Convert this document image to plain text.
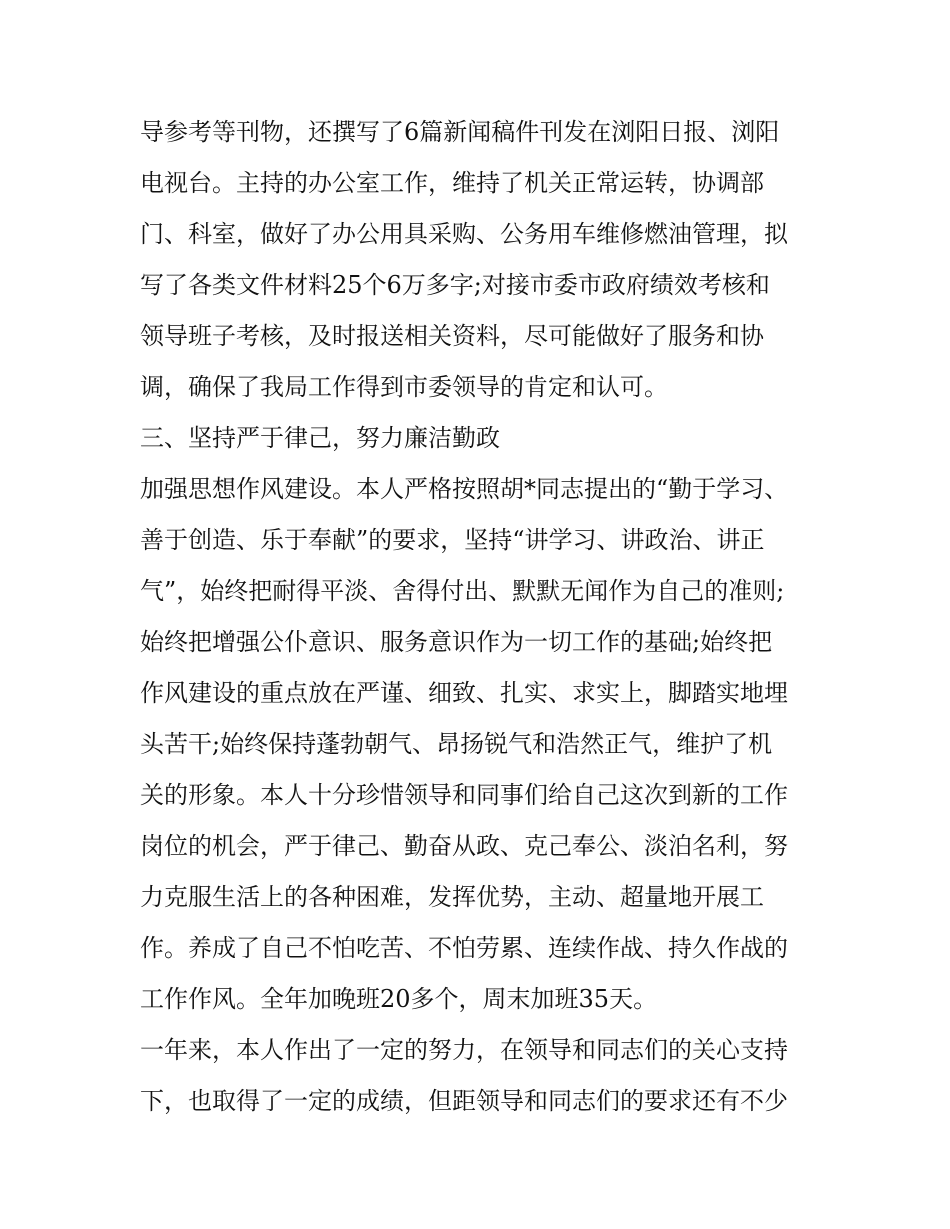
导参考等刊物，还撰写了6篇新闻稿件刊发在浏阳日报、浏阳
电视台。主持的办公室工作，维持了机关正常运转，协调部
门、科室，做好了办公用具采购、公务用车维修燃油管理，拟
写了各类文件材料25个6万多字;对接市委市政府绩效考核和
领导班子考核，及时报送相关资料，尽可能做好了服务和协
调，确保了我局工作得到市委领导的肯定和认可。
三、坚持严于律己，努力廉洁勤政
加强思想作风建设。本人严格按照胡*同志提出的“勤于学习、
善于创造、乐于奉献”的要求，坚持“讲学习、讲政治、讲正
气”，始终把耐得平淡、舍得付出、默默无闻作为自己的准则;
始终把增强公仆意识、服务意识作为一切工作的基础;始终把
作风建设的重点放在严谨、细致、扎实、求实上，脚踏实地埋
头苦干;始终保持蓬勃朝气、昂扬锐气和浩然正气，维护了机
关的形象。本人十分珍惜领导和同事们给自己这次到新的工作
岗位的机会，严于律己、勤奋从政、克己奉公、淡泊名利，努
力克服生活上的各种困难，发挥优势，主动、超量地开展工
作。养成了自己不怕吃苦、不怕劳累、连续作战、持久作战的
工作作风。全年加晚班20多个，周末加班35天。
一年来，本人作出了一定的努力，在领导和同志们的关心支持
下，也取得了一定的成绩，但距领导和同志们的要求还有不少
